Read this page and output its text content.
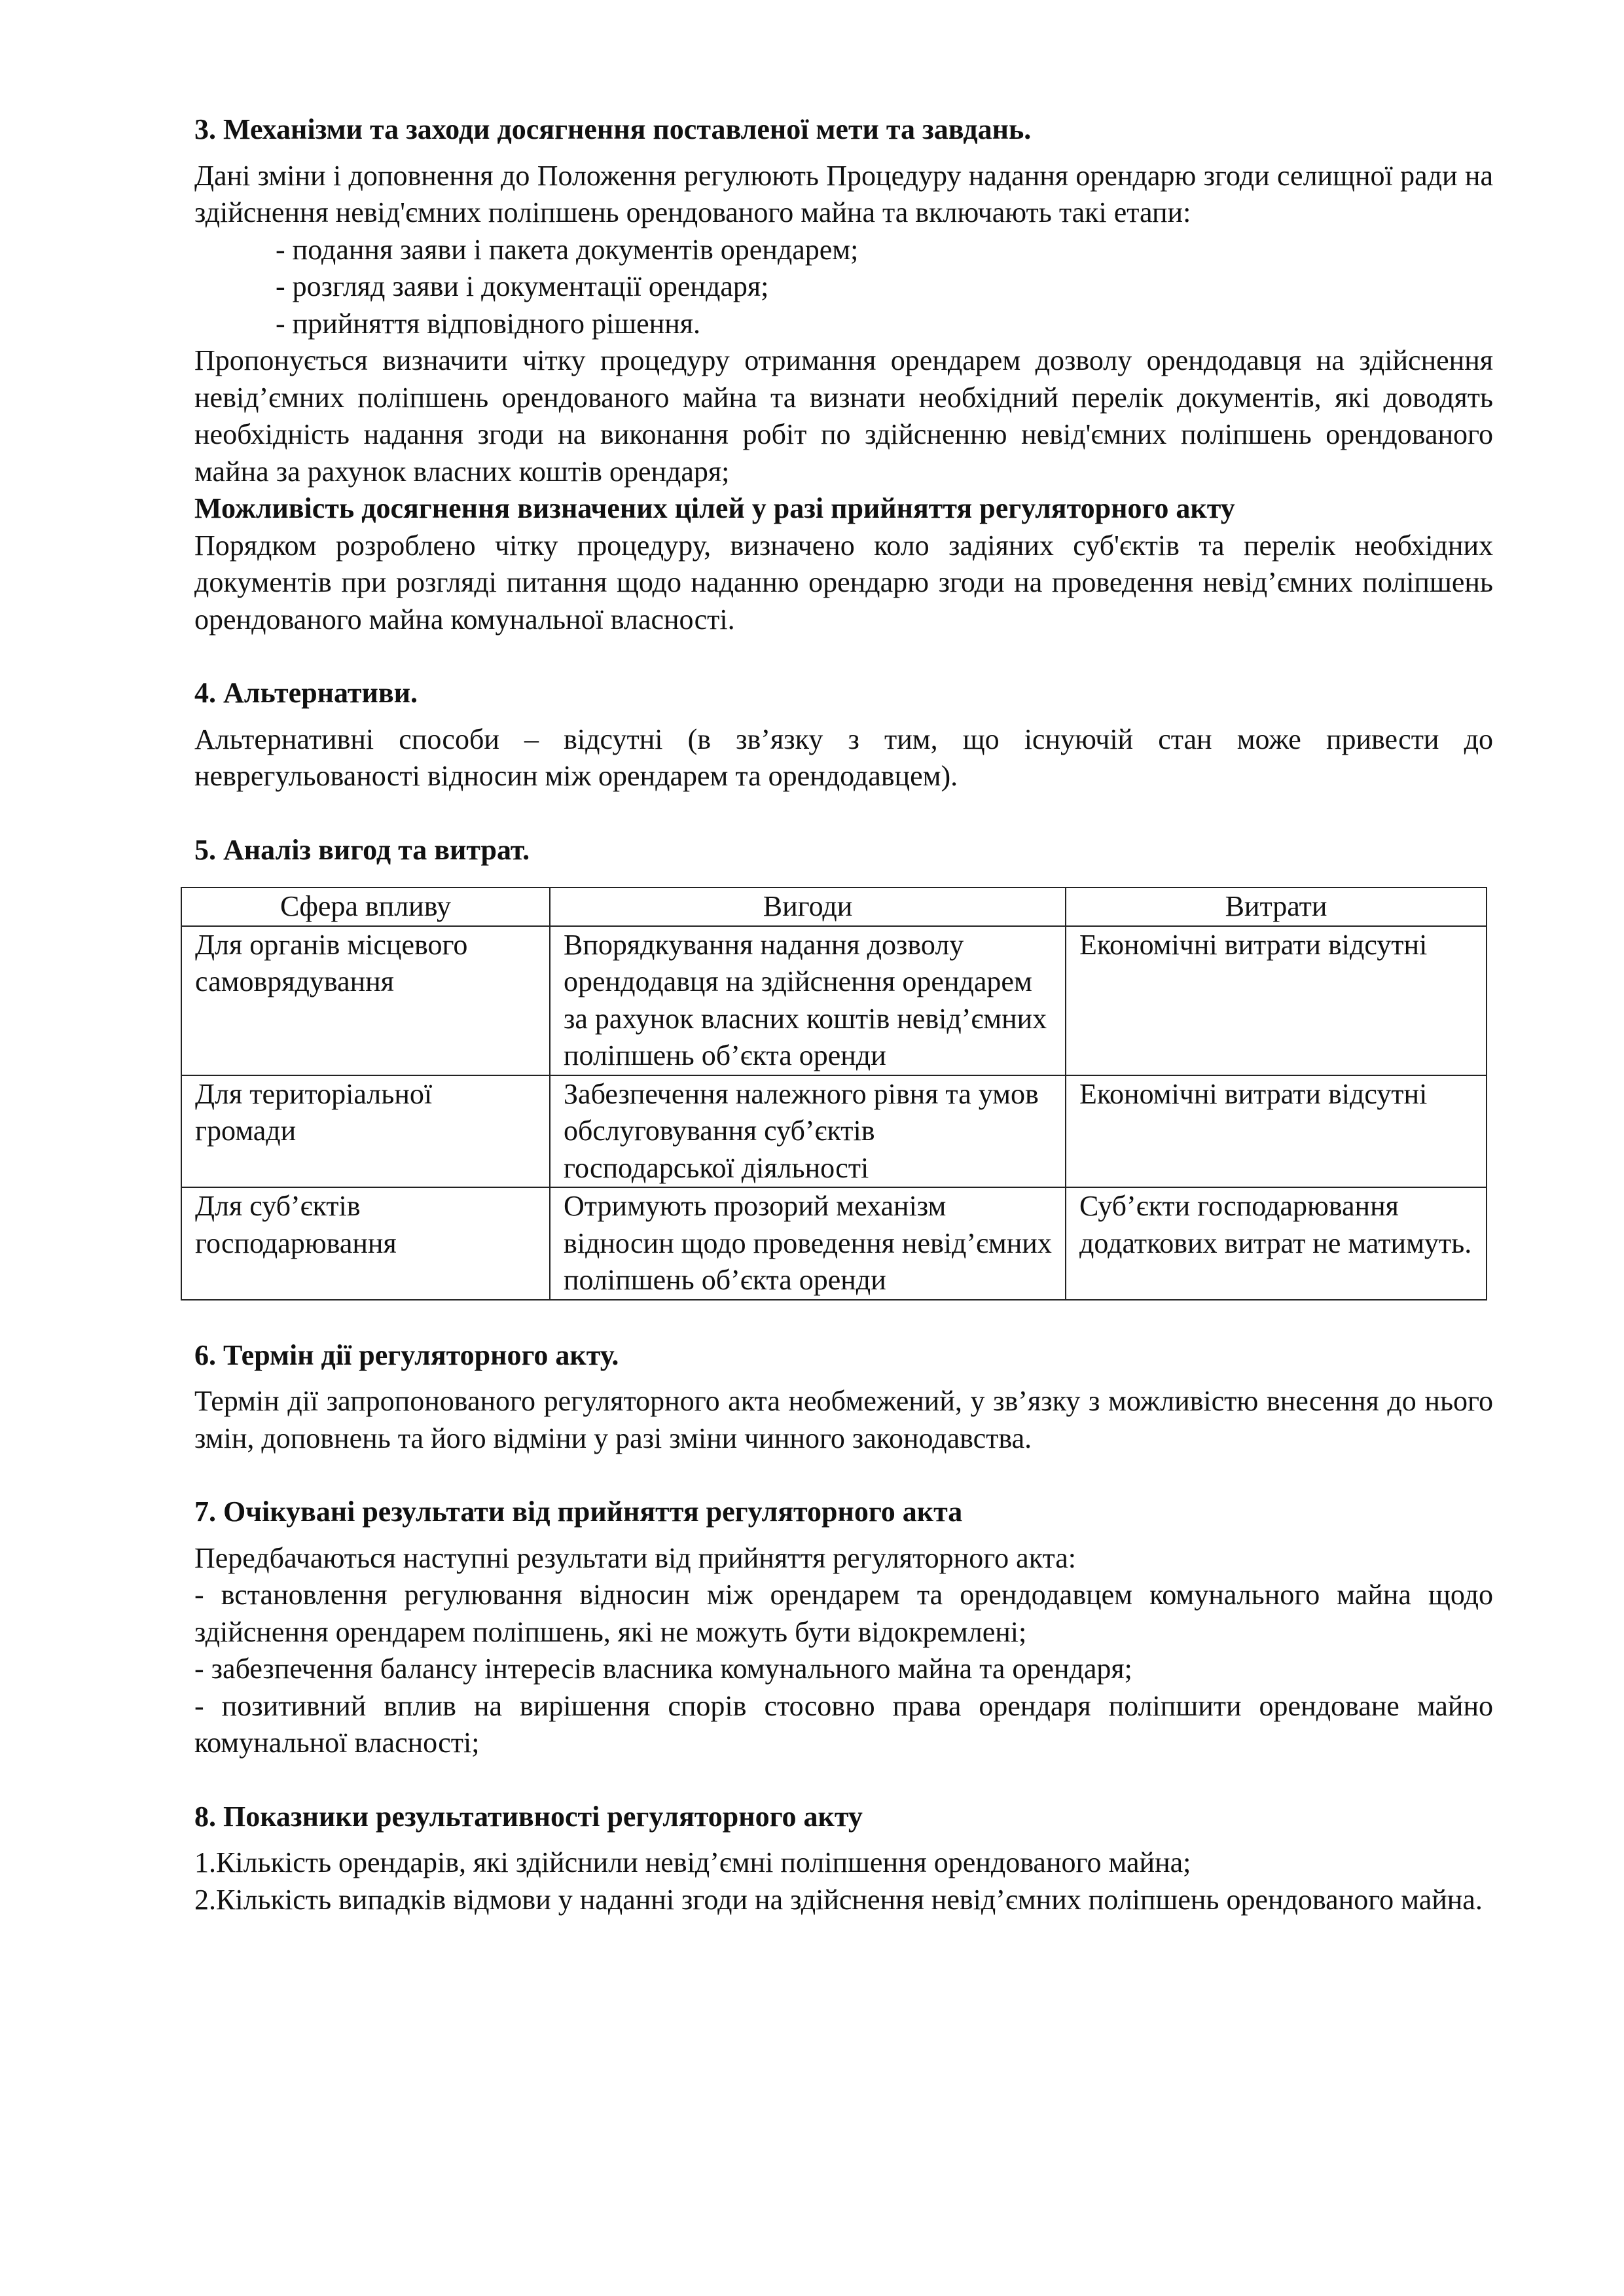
3. Механізми та заходи досягнення поставленої мети та завдань.

Дані зміни і доповнення до Положення регулюють Процедуру надання орендарю згоди селищної ради на здійснення невід'ємних поліпшень орендованого майна та включають такі етапи:

- подання заяви і пакета документів орендарем;

- розгляд заяви і документації орендаря;

- прийняття відповідного рішення.

Пропонується визначити чітку процедуру отримання орендарем дозволу орендодавця на здійснення невід’ємних поліпшень орендованого майна та визнати необхідний перелік документів, які доводять необхідність надання згоди на виконання робіт по здійсненню невід'ємних поліпшень орендованого майна за рахунок власних коштів орендаря;

Можливість досягнення визначених цілей у разі прийняття регуляторного акту

Порядком розроблено чітку процедуру, визначено коло задіяних суб'єктів та перелік необхідних документів при розгляді питання щодо наданню орендарю згоди на проведення невід’ємних поліпшень орендованого майна комунальної власності.

4. Альтернативи.

Альтернативні способи – відсутні (в зв’язку з тим, що існуючій стан може привести до неврегульованості відносин між орендарем та орендодавцем).

5. Аналіз вигод та витрат.

Сфера впливу	Вигоди	Витрати
Для органів місцевого самоврядування	Впорядкування надання дозволу орендодавця на здійснення орендарем за рахунок власних коштів невід’ємних поліпшень об’єкта оренди	Економічні витрати відсутні
Для територіальної громади	Забезпечення належного рівня та умов обслуговування суб’єктів господарської діяльності	Економічні витрати відсутні
Для суб’єктів господарювання	Отримують прозорий механізм відносин щодо проведення невід’ємних поліпшень об’єкта оренди	Суб’єкти господарювання додаткових витрат не матимуть.

6. Термін дії регуляторного акту.

Термін дії запропонованого регуляторного акта необмежений, у зв’язку з можливістю внесення до нього змін, доповнень та його відміни у разі зміни чинного законодавства.

7. Очікувані результати від прийняття регуляторного акта

Передбачаються наступні результати від прийняття регуляторного акта:

- встановлення регулювання відносин між орендарем та орендодавцем комунального майна щодо здійснення орендарем поліпшень, які не можуть бути відокремлені;

- забезпечення балансу інтересів власника комунального майна та орендаря;

- позитивний вплив на вирішення спорів стосовно права орендаря поліпшити орендоване майно комунальної власності;

8. Показники результативності регуляторного акту

1.Кількість орендарів, які здійснили невід’ємні поліпшення орендованого майна;

2.Кількість випадків відмови у наданні згоди на здійснення невід’ємних поліпшень орендованого майна.
